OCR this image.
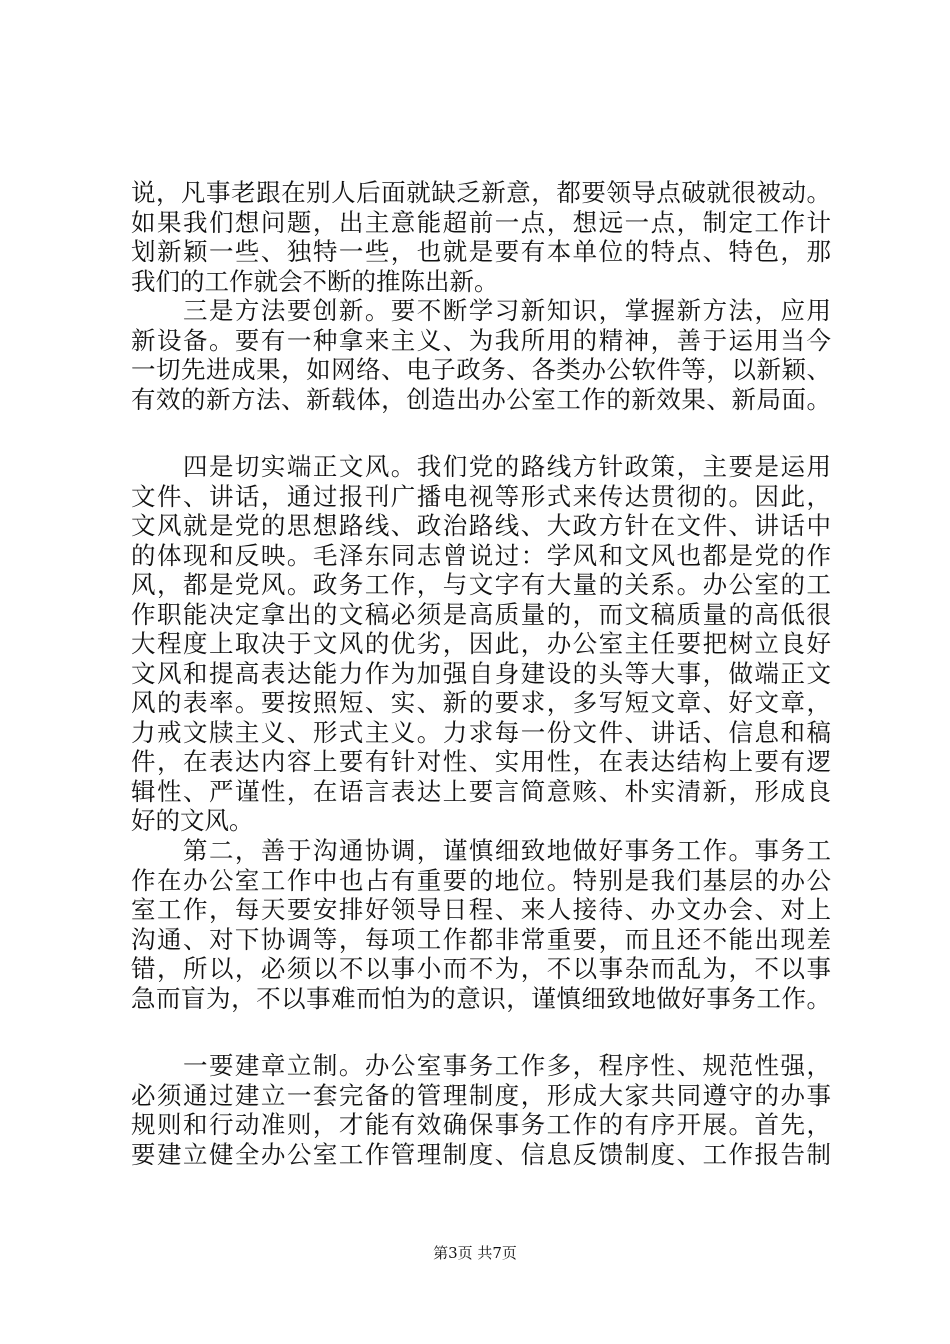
说，凡事老跟在别人后面就缺乏新意，都要领导点破就很被动。
如果我们想问题，出主意能超前一点，想远一点，制定工作计
划新颖一些、独特一些，也就是要有本单位的特点、特色，那
我们的工作就会不断的推陈出新。
　　三是方法要创新。要不断学习新知识，掌握新方法，应用
新设备。要有一种拿来主义、为我所用的精神，善于运用当今
一切先进成果，如网络、电子政务、各类办公软件等，以新颖、
有效的新方法、新载体，创造出办公室工作的新效果、新局面。
　　四是切实端正文风。我们党的路线方针政策，主要是运用
文件、讲话，通过报刊广播电视等形式来传达贯彻的。因此，
文风就是党的思想路线、政治路线、大政方针在文件、讲话中
的体现和反映。毛泽东同志曾说过：学风和文风也都是党的作
风，都是党风。政务工作，与文字有大量的关系。办公室的工
作职能决定拿出的文稿必须是高质量的，而文稿质量的高低很
大程度上取决于文风的优劣，因此，办公室主任要把树立良好
文风和提高表达能力作为加强自身建设的头等大事，做端正文
风的表率。要按照短、实、新的要求，多写短文章、好文章，
力戒文牍主义、形式主义。力求每一份文件、讲话、信息和稿
件，在表达内容上要有针对性、实用性，在表达结构上要有逻
辑性、严谨性，在语言表达上要言简意赅、朴实清新，形成良
好的文风。
　　第二，善于沟通协调，谨慎细致地做好事务工作。事务工
作在办公室工作中也占有重要的地位。特别是我们基层的办公
室工作，每天要安排好领导日程、来人接待、办文办会、对上
沟通、对下协调等，每项工作都非常重要，而且还不能出现差
错，所以，必须以不以事小而不为，不以事杂而乱为，不以事
急而盲为，不以事难而怕为的意识，谨慎细致地做好事务工作。
　　一要建章立制。办公室事务工作多，程序性、规范性强，
必须通过建立一套完备的管理制度，形成大家共同遵守的办事
规则和行动准则，才能有效确保事务工作的有序开展。首先，
要建立健全办公室工作管理制度、信息反馈制度、工作报告制
第3页 共7页
